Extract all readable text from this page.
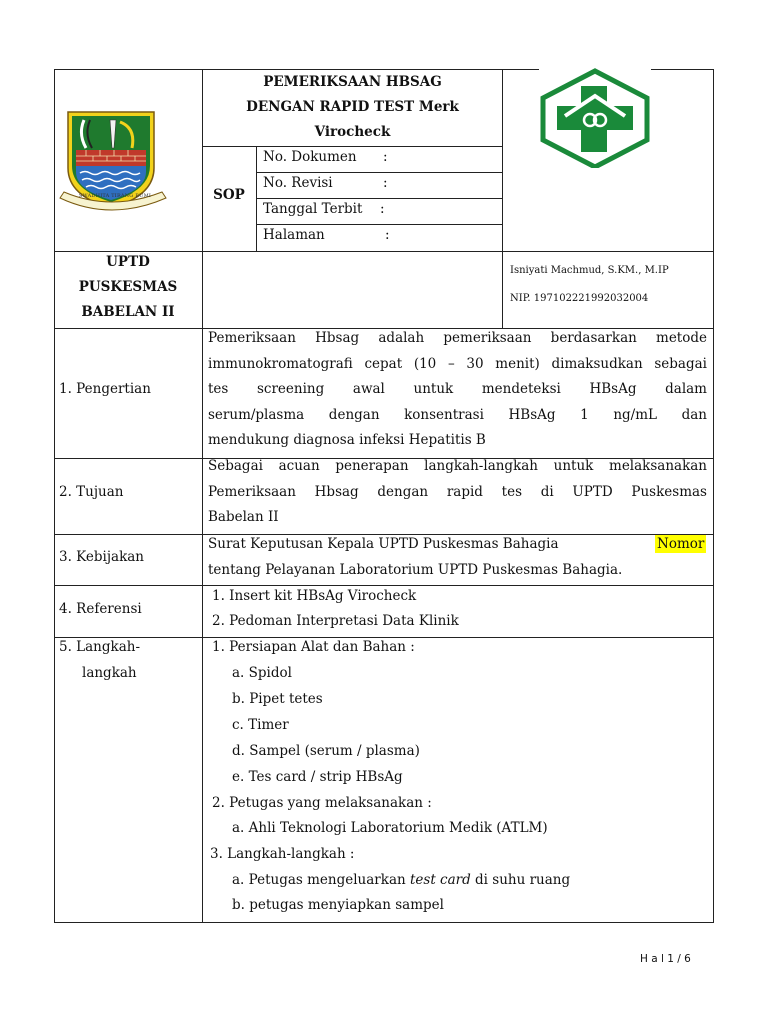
SWADHITA TIRANG BUMI
PEMERIKSAAN HBSAG
DENGAN RAPID TEST Merk
Virocheck
SOP
No. Dokumen :
No. Revisi	:
Tanggal Terbit :
Halaman	:
UPTD
PUSKESMAS
BABELAN II
Isniyati Machmud, S.KM., M.IP
NIP. 197102221992032004
1. Pengertian
Pemeriksaan Hbsag adalah pemeriksaan berdasarkan metode
immunokromatografi cepat (10 – 30 menit) dimaksudkan sebagai
tes screening awal untuk mendeteksi HBsAg dalam
serum/plasma dengan konsentrasi HBsAg 1 ng/mL dan
mendukung diagnosa infeksi Hepatitis B
2. Tujuan
Sebagai acuan penerapan langkah-langkah untuk melaksanakan
Pemeriksaan Hbsag dengan rapid tes di UPTD Puskesmas
Babelan II
3. Kebijakan
Surat Keputusan Kepala UPTD Puskesmas Bahagia	Nomor
tentang Pelayanan Laboratorium UPTD Puskesmas Bahagia.
4. Referensi
1. Insert kit HBsAg Virocheck
2. Pedoman Interpretasi Data Klinik
5. Langkah-
langkah
1. Persiapan Alat dan Bahan :
a. Spidol
b. Pipet tetes
c. Timer
d. Sampel (serum / plasma)
e. Tes card / strip HBsAg
2. Petugas yang melaksanakan :
a. Ahli Teknologi Laboratorium Medik (ATLM)
3. Langkah-langkah :
a. Petugas mengeluarkan test card di suhu ruang
b. petugas menyiapkan sampel
H a l 1 / 6
